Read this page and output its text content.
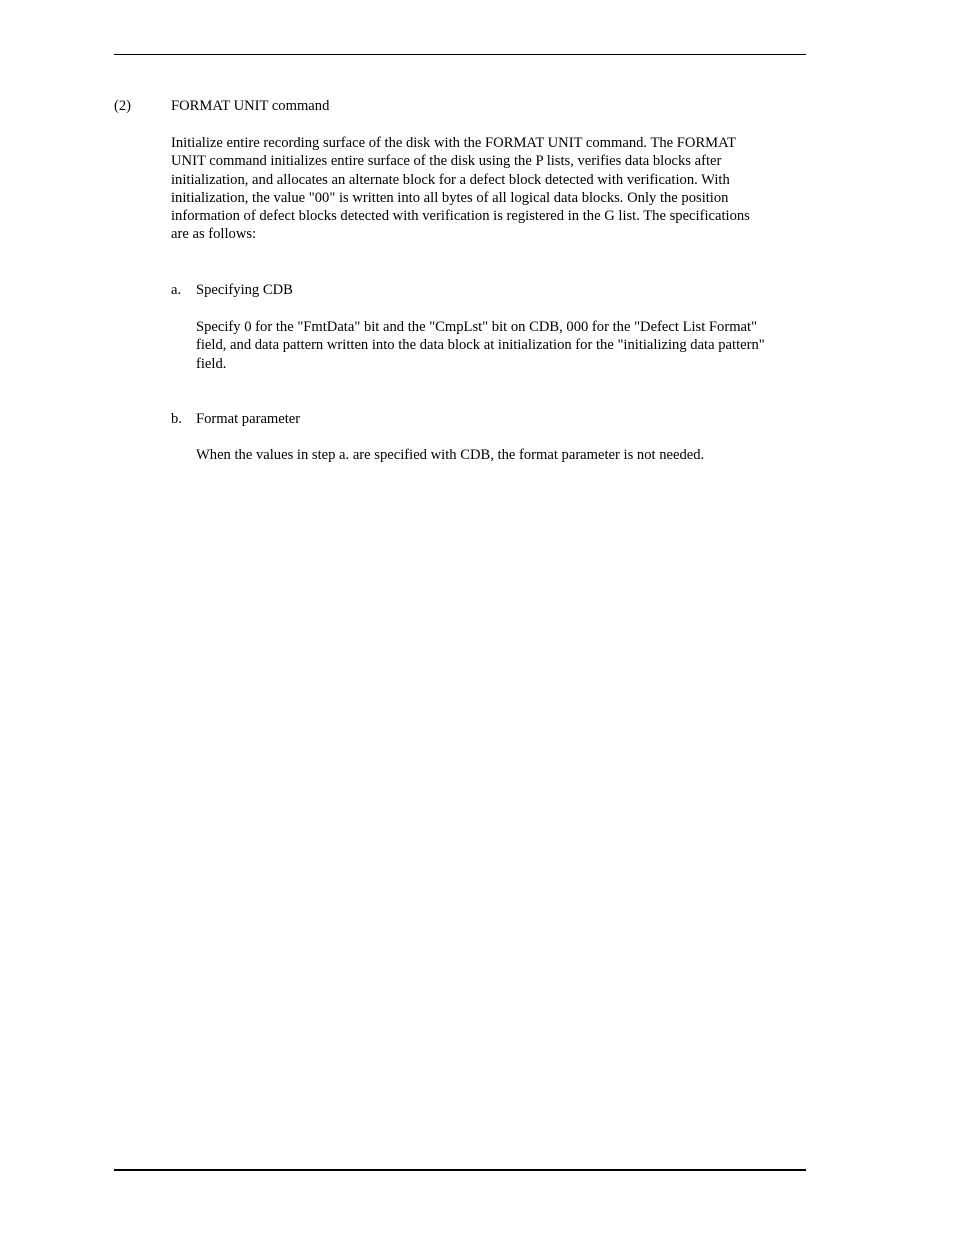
(2)	FORMAT UNIT command

Initialize entire recording surface of the disk with the FORMAT UNIT command. The FORMAT
UNIT command initializes entire surface of the disk using the P lists, verifies data blocks after
initialization, and allocates an alternate block for a defect block detected with verification. With
initialization, the value "00" is written into all bytes of all logical data blocks. Only the position
information of defect blocks detected with verification is registered in the G list. The specifications
are as follows:

a. Specifying CDB

Specify 0 for the "FmtData" bit and the "CmpLst" bit on CDB, 000 for the "Defect List Format"
field, and data pattern written into the data block at initialization for the "initializing data pattern"
field.

b. Format parameter

When the values in step a. are specified with CDB, the format parameter is not needed.
